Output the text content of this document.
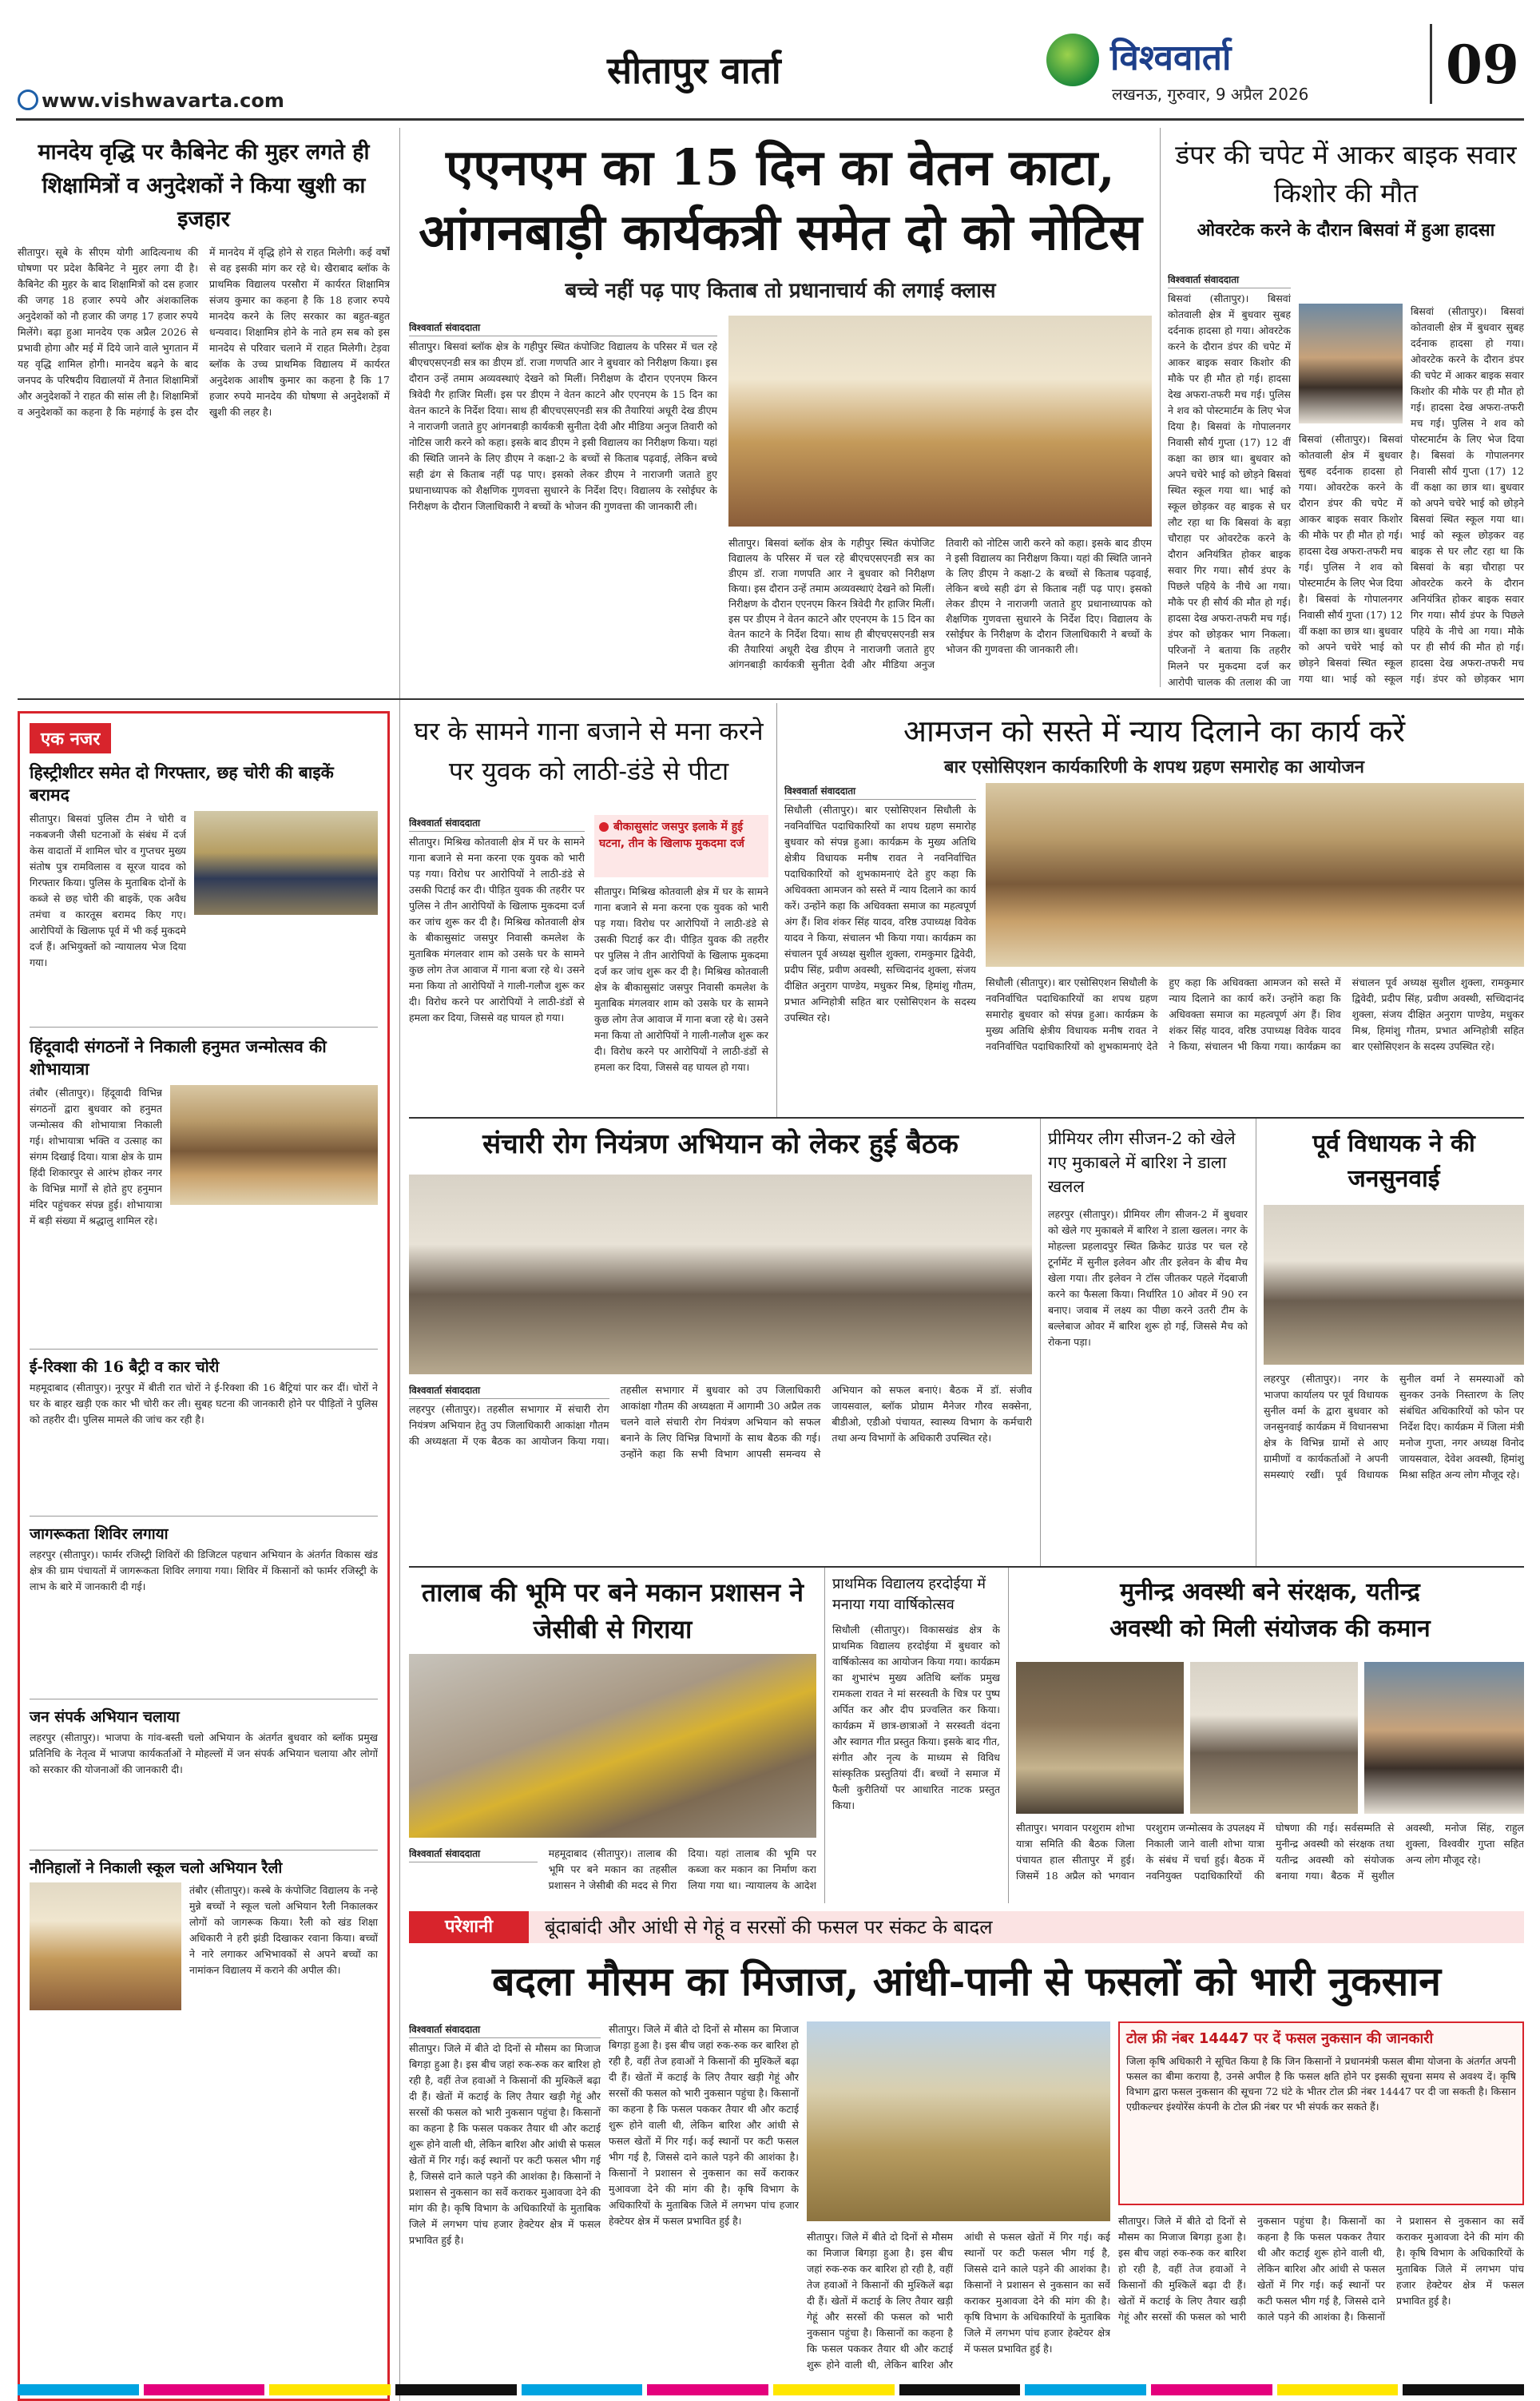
www.vishwavarta.com
सीतापुर वार्ता	विश्ववार्ता
लखनऊ, गुरुवार, 9 अप्रैल 2026	09
मानदेय वृद्धि पर कैबिनेट की मुहर लगते ही शिक्षामित्रों व अनुदेशकों ने किया खुशी का इजहार
सीतापुर। सूबे के सीएम योगी आदित्यनाथ की घोषणा पर प्रदेश कैबिनेट ने मुहर लगा दी है। कैबिनेट की मुहर के बाद शिक्षामित्रों को दस हजार की जगह 18 हजार रुपये और अंशकालिक अनुदेशकों को नौ हजार की जगह 17 हजार रुपये मिलेंगे। बढ़ा हुआ मानदेय एक अप्रैल 2026 से प्रभावी होगा और मई में दिये जाने वाले भुगतान में यह वृद्धि शामिल होगी। मानदेय बढ़ने के बाद जनपद के परिषदीय विद्यालयों में तैनात शिक्षामित्रों और अनुदेशकों ने राहत की सांस ली है। शिक्षामित्रों व अनुदेशकों का कहना है कि महंगाई के इस दौर में मानदेय में वृद्धि होने से राहत मिलेगी। कई वर्षों से वह इसकी मांग कर रहे थे। खैराबाद ब्लॉक के प्राथमिक विद्यालय परसौरा में कार्यरत शिक्षामित्र संजय कुमार का कहना है कि 18 हजार रुपये मानदेय करने के लिए सरकार का बहुत-बहुत धन्यवाद। शिक्षामित्र होने के नाते हम सब को इस मानदेय से परिवार चलाने में राहत मिलेगी। टेड़वा ब्लॉक के उच्च प्राथमिक विद्यालय में कार्यरत अनुदेशक आशीष कुमार का कहना है कि 17 हजार रुपये मानदेय की घोषणा से अनुदेशकों में खुशी की लहर है।
एएनएम का 15 दिन का वेतन काटा,
आंगनबाड़ी कार्यकत्री समेत दो को नोटिस
बच्चे नहीं पढ़ पाए किताब तो प्रधानाचार्य की लगाई क्लास
विश्ववार्ता संवाददाता
सीतापुर। बिसवां ब्लॉक क्षेत्र के गहीपुर स्थित कंपोजिट विद्यालय के परिसर में चल रहे बीएचएसएनडी सत्र का डीएम डॉ. राजा गणपति आर ने बुधवार को निरीक्षण किया। इस दौरान उन्हें तमाम अव्यवस्थाएं देखने को मिलीं। निरीक्षण के दौरान एएनएम किरन त्रिवेदी गैर हाजिर मिलीं। इस पर डीएम ने वेतन काटने और एएनएम के 15 दिन का वेतन काटने के निर्देश दिया। साथ ही बीएचएसएनडी सत्र की तैयारियां अधूरी देख डीएम ने नाराजगी जताते हुए आंगनबाड़ी कार्यकत्री सुनीता देवी और मीडिया अनुज तिवारी को नोटिस जारी करने को कहा। इसके बाद डीएम ने इसी विद्यालय का निरीक्षण किया। यहां की स्थिति जानने के लिए डीएम ने कक्षा-2 के बच्चों से किताब पढ़वाई, लेकिन बच्चे सही ढंग से किताब नहीं पढ़ पाए। इसको लेकर डीएम ने नाराजगी जताते हुए प्रधानाध्यापक को शैक्षणिक गुणवत्ता सुधारने के निर्देश दिए। विद्यालय के रसोईघर के निरीक्षण के दौरान जिलाधिकारी ने बच्चों के भोजन की गुणवत्ता की जानकारी ली।
सीतापुर। बिसवां ब्लॉक क्षेत्र के गहीपुर स्थित कंपोजिट विद्यालय के परिसर में चल रहे बीएचएसएनडी सत्र का डीएम डॉ. राजा गणपति आर ने बुधवार को निरीक्षण किया। इस दौरान उन्हें तमाम अव्यवस्थाएं देखने को मिलीं। निरीक्षण के दौरान एएनएम किरन त्रिवेदी गैर हाजिर मिलीं। इस पर डीएम ने वेतन काटने और एएनएम के 15 दिन का वेतन काटने के निर्देश दिया। साथ ही बीएचएसएनडी सत्र की तैयारियां अधूरी देख डीएम ने नाराजगी जताते हुए आंगनबाड़ी कार्यकत्री सुनीता देवी और मीडिया अनुज तिवारी को नोटिस जारी करने को कहा। इसके बाद डीएम ने इसी विद्यालय का निरीक्षण किया। यहां की स्थिति जानने के लिए डीएम ने कक्षा-2 के बच्चों से किताब पढ़वाई, लेकिन बच्चे सही ढंग से किताब नहीं पढ़ पाए। इसको लेकर डीएम ने नाराजगी जताते हुए प्रधानाध्यापक को शैक्षणिक गुणवत्ता सुधारने के निर्देश दिए। विद्यालय के रसोईघर के निरीक्षण के दौरान जिलाधिकारी ने बच्चों के भोजन की गुणवत्ता की जानकारी ली।
डंपर की चपेट में आकर बाइक सवार किशोर की मौत
ओवरटेक करने के दौरान बिसवां में हुआ हादसा
विश्ववार्ता संवाददाता
बिसवां (सीतापुर)। बिसवां कोतवाली क्षेत्र में बुधवार सुबह दर्दनाक हादसा हो गया। ओवरटेक करने के दौरान डंपर की चपेट में आकर बाइक सवार किशोर की मौके पर ही मौत हो गई। हादसा देख अफरा-तफरी मच गई। पुलिस ने शव को पोस्टमार्टम के लिए भेज दिया है। बिसवां के गोपालनगर निवासी सौर्य गुप्ता (17) 12 वीं कक्षा का छात्र था। बुधवार को अपने चचेरे भाई को छोड़ने बिसवां स्थित स्कूल गया था। भाई को स्कूल छोड़कर वह बाइक से घर लौट रहा था कि बिसवां के बड़ा चौराहा पर ओवरटेक करने के दौरान अनियंत्रित होकर बाइक सवार गिर गया। सौर्य डंपर के पिछले पहिये के नीचे आ गया। मौके पर ही सौर्य की मौत हो गई। हादसा देख अफरा-तफरी मच गई। डंपर को छोड़कर भाग निकला। परिजनों ने बताया कि तहरीर मिलने पर मुकदमा दर्ज कर आरोपी चालक की तलाश की जा
बिसवां (सीतापुर)। बिसवां कोतवाली क्षेत्र में बुधवार सुबह दर्दनाक हादसा हो गया। ओवरटेक करने के दौरान डंपर की चपेट में आकर बाइक सवार किशोर की मौके पर ही मौत हो गई। हादसा देख अफरा-तफरी मच गई। पुलिस ने शव को पोस्टमार्टम के लिए भेज दिया है। बिसवां के गोपालनगर निवासी सौर्य गुप्ता (17) 12 वीं कक्षा का छात्र था। बुधवार को अपने चचेरे भाई को छोड़ने बिसवां स्थित स्कूल गया था। भाई को स्कूल
बिसवां (सीतापुर)। बिसवां कोतवाली क्षेत्र में बुधवार सुबह दर्दनाक हादसा हो गया। ओवरटेक करने के दौरान डंपर की चपेट में आकर बाइक सवार किशोर की मौके पर ही मौत हो गई। हादसा देख अफरा-तफरी मच गई। पुलिस ने शव को पोस्टमार्टम के लिए भेज दिया है। बिसवां के गोपालनगर निवासी सौर्य गुप्ता (17) 12 वीं कक्षा का छात्र था। बुधवार को अपने चचेरे भाई को छोड़ने बिसवां स्थित स्कूल गया था। भाई को स्कूल छोड़कर वह बाइक से घर लौट रहा था कि बिसवां के बड़ा चौराहा पर ओवरटेक करने के दौरान अनियंत्रित होकर बाइक सवार गिर गया। सौर्य डंपर के पिछले पहिये के नीचे आ गया। मौके पर ही सौर्य की मौत हो गई। हादसा देख अफरा-तफरी मच गई। डंपर को छोड़कर भाग
एक नजर
हिस्ट्रीशीटर समेत दो गिरफ्तार, छह चोरी की बाइकें बरामद
सीतापुर। बिसवां पुलिस टीम ने चोरी व नकबजनी जैसी घटनाओं के संबंध में दर्ज केस वादातों में शामिल चोर व गुप्तचर मुख्य संतोष पुत्र रामविलास व सूरज यादव को गिरफ्तार किया। पुलिस के मुताबिक दोनों के कब्जे से छह चोरी की बाइकें, एक अवैध तमंचा व कारतूस बरामद किए गए। आरोपियों के खिलाफ पूर्व में भी कई मुकदमे दर्ज हैं। अभियुक्तों को न्यायालय भेज दिया गया।
हिंदूवादी संगठनों ने निकाली हनुमत जन्मोत्सव की शोभायात्रा
तंबौर (सीतापुर)। हिंदूवादी विभिन्न संगठनों द्वारा बुधवार को हनुमत जन्मोत्सव की शोभायात्रा निकाली गई। शोभायात्रा भक्ति व उत्साह का संगम दिखाई दिया। यात्रा क्षेत्र के ग्राम हिंदी शिकारपुर से आरंभ होकर नगर के विभिन्न मार्गों से होते हुए हनुमान मंदिर पहुंचकर संपन्न हुई। शोभायात्रा में बड़ी संख्या में श्रद्धालु शामिल रहे।
ई-रिक्शा की 16 बैट्री व कार चोरी
महमूदाबाद (सीतापुर)। नूरपुर में बीती रात चोरों ने ई-रिक्शा की 16 बैट्रियां पार कर दीं। चोरों ने घर के बाहर खड़ी एक कार भी चोरी कर ली। सुबह घटना की जानकारी होने पर पीड़ितों ने पुलिस को तहरीर दी। पुलिस मामले की जांच कर रही है।
जागरूकता शिविर लगाया
लहरपुर (सीतापुर)। फार्मर रजिस्ट्री शिविरों की डिजिटल पहचान अभियान के अंतर्गत विकास खंड क्षेत्र की ग्राम पंचायतों में जागरूकता शिविर लगाया गया। शिविर में किसानों को फार्मर रजिस्ट्री के लाभ के बारे में जानकारी दी गई।
जन संपर्क अभियान चलाया
लहरपुर (सीतापुर)। भाजपा के गांव-बस्ती चलो अभियान के अंतर्गत बुधवार को ब्लॉक प्रमुख प्रतिनिधि के नेतृत्व में भाजपा कार्यकर्ताओं ने मोहल्लों में जन संपर्क अभियान चलाया और लोगों को सरकार की योजनाओं की जानकारी दी।
नौनिहालों ने निकाली स्कूल चलो अभियान रैली
तंबौर (सीतापुर)। कस्बे के कंपोजिट विद्यालय के नन्हे मुन्ने बच्चों ने स्कूल चलो अभियान रैली निकालकर लोगों को जागरूक किया। रैली को खंड शिक्षा अधिकारी ने हरी झंडी दिखाकर रवाना किया। बच्चों ने नारे लगाकर अभिभावकों से अपने बच्चों का नामांकन विद्यालय में कराने की अपील की।
घर के सामने गाना बजाने से मना करने पर युवक को लाठी-डंडे से पीटा
विश्ववार्ता संवाददाता
सीतापुर। मिश्रिख कोतवाली क्षेत्र में घर के सामने गाना बजाने से मना करना एक युवक को भारी पड़ गया। विरोध पर आरोपियों ने लाठी-डंडे से उसकी पिटाई कर दी। पीड़ित युवक की तहरीर पर पुलिस ने तीन आरोपियों के खिलाफ मुकदमा दर्ज कर जांच शुरू कर दी है। मिश्रिख कोतवाली क्षेत्र के बीकासुसांट जसपुर निवासी कमलेश के मुताबिक मंगलवार शाम को उसके घर के सामने कुछ लोग तेज आवाज में गाना बजा रहे थे। उसने मना किया तो आरोपियों ने गाली-गलौज शुरू कर दी। विरोध करने पर आरोपियों ने लाठी-डंडों से हमला कर दिया, जिससे वह घायल हो गया।
बीकासुसांट जसपुर इलाके में हुई घटना, तीन के खिलाफ मुकदमा दर्ज
सीतापुर। मिश्रिख कोतवाली क्षेत्र में घर के सामने गाना बजाने से मना करना एक युवक को भारी पड़ गया। विरोध पर आरोपियों ने लाठी-डंडे से उसकी पिटाई कर दी। पीड़ित युवक की तहरीर पर पुलिस ने तीन आरोपियों के खिलाफ मुकदमा दर्ज कर जांच शुरू कर दी है। मिश्रिख कोतवाली क्षेत्र के बीकासुसांट जसपुर निवासी कमलेश के मुताबिक मंगलवार शाम को उसके घर के सामने कुछ लोग तेज आवाज में गाना बजा रहे थे। उसने मना किया तो आरोपियों ने गाली-गलौज शुरू कर दी। विरोध करने पर आरोपियों ने लाठी-डंडों से हमला कर दिया, जिससे वह घायल हो गया।
आमजन को सस्ते में न्याय दिलाने का कार्य करें
बार एसोसिएशन कार्यकारिणी के शपथ ग्रहण समारोह का आयोजन
विश्ववार्ता संवाददाता
सिधौली (सीतापुर)। बार एसोसिएशन सिधौली के नवनिर्वाचित पदाधिकारियों का शपथ ग्रहण समारोह बुधवार को संपन्न हुआ। कार्यक्रम के मुख्य अतिथि क्षेत्रीय विधायक मनीष रावत ने नवनिर्वाचित पदाधिकारियों को शुभकामनाएं देते हुए कहा कि अधिवक्ता आमजन को सस्ते में न्याय दिलाने का कार्य करें। उन्होंने कहा कि अधिवक्ता समाज का महत्वपूर्ण अंग हैं। शिव शंकर सिंह यादव, वरिष्ठ उपाध्यक्ष विवेक यादव ने किया, संचालन भी किया गया। कार्यक्रम का संचालन पूर्व अध्यक्ष सुशील शुक्ला, रामकुमार द्विवेदी, प्रदीप सिंह, प्रवीण अवस्थी, सच्चिदानंद शुक्ला, संजय दीक्षित अनुराग पाण्डेय, मधुकर मिश्र, हिमांशु गौतम, प्रभात अग्निहोत्री सहित बार एसोसिएशन के सदस्य उपस्थित रहे।
सिधौली (सीतापुर)। बार एसोसिएशन सिधौली के नवनिर्वाचित पदाधिकारियों का शपथ ग्रहण समारोह बुधवार को संपन्न हुआ। कार्यक्रम के मुख्य अतिथि क्षेत्रीय विधायक मनीष रावत ने नवनिर्वाचित पदाधिकारियों को शुभकामनाएं देते हुए कहा कि अधिवक्ता आमजन को सस्ते में न्याय दिलाने का कार्य करें। उन्होंने कहा कि अधिवक्ता समाज का महत्वपूर्ण अंग हैं। शिव शंकर सिंह यादव, वरिष्ठ उपाध्यक्ष विवेक यादव ने किया, संचालन भी किया गया। कार्यक्रम का संचालन पूर्व अध्यक्ष सुशील शुक्ला, रामकुमार द्विवेदी, प्रदीप सिंह, प्रवीण अवस्थी, सच्चिदानंद शुक्ला, संजय दीक्षित अनुराग पाण्डेय, मधुकर मिश्र, हिमांशु गौतम, प्रभात अग्निहोत्री सहित बार एसोसिएशन के सदस्य उपस्थित रहे।
संचारी रोग नियंत्रण अभियान को लेकर हुई बैठक
विश्ववार्ता संवाददाता
लहरपुर (सीतापुर)। तहसील सभागार में संचारी रोग नियंत्रण अभियान हेतु उप जिलाधिकारी आकांक्षा गौतम की अध्यक्षता में एक बैठक का आयोजन किया गया। तहसील सभागार में बुधवार को उप जिलाधिकारी आकांक्षा गौतम की अध्यक्षता में आगामी 30 अप्रैल तक चलने वाले संचारी रोग नियंत्रण अभियान को सफल बनाने के लिए विभिन्न विभागों के साथ बैठक की गई। उन्होंने कहा कि सभी विभाग आपसी समन्वय से अभियान को सफल बनाएं। बैठक में डॉ. संजीव जायसवाल, ब्लॉक प्रोग्राम मैनेजर गौरव सक्सेना, बीडीओ, एडीओ पंचायत, स्वास्थ्य विभाग के कर्मचारी तथा अन्य विभागों के अधिकारी उपस्थित रहे।
प्रीमियर लीग सीजन-2 को खेले गए मुकाबले में बारिश ने डाला खलल
लहरपुर (सीतापुर)। प्रीमियर लीग सीजन-2 में बुधवार को खेले गए मुकाबले में बारिश ने डाला खलल। नगर के मोहल्ला प्रहलादपुर स्थित क्रिकेट ग्राउंड पर चल रहे टूर्नामेंट में सुनील इलेवन और तीर इलेवन के बीच मैच खेला गया। तीर इलेवन ने टॉस जीतकर पहले गेंदबाजी करने का फैसला किया। निर्धारित 10 ओवर में 90 रन बनाए। जवाब में लक्ष्य का पीछा करने उतरी टीम के बल्लेबाज ओवर में बारिश शुरू हो गई, जिससे मैच को रोकना पड़ा।
पूर्व विधायक ने की जनसुनवाई
लहरपुर (सीतापुर)। नगर के भाजपा कार्यालय पर पूर्व विधायक सुनील वर्मा के द्वारा बुधवार को जनसुनवाई कार्यक्रम में विधानसभा क्षेत्र के विभिन्न ग्रामों से आए ग्रामीणों व कार्यकर्ताओं ने अपनी समस्याएं रखीं। पूर्व विधायक सुनील वर्मा ने समस्याओं को सुनकर उनके निस्तारण के लिए संबंधित अधिकारियों को फोन पर निर्देश दिए। कार्यक्रम में जिला मंत्री मनोज गुप्ता, नगर अध्यक्ष विनोद जायसवाल, देवेश अवस्थी, हिमांशु मिश्रा सहित अन्य लोग मौजूद रहे।
तालाब की भूमि पर बने मकान प्रशासन ने जेसीबी से गिराया
विश्ववार्ता संवाददाता	महमूदाबाद (सीतापुर)। तालाब की भूमि पर बने मकान का तहसील प्रशासन ने जेसीबी की मदद से गिरा दिया। यहां तालाब की भूमि पर कब्जा कर मकान का निर्माण करा लिया गया था। न्यायालय के आदेश
प्राथमिक विद्यालय हरदोईया में मनाया गया वार्षिकोत्सव
सिधौली (सीतापुर)। विकासखंड क्षेत्र के प्राथमिक विद्यालय हरदोईया में बुधवार को वार्षिकोत्सव का आयोजन किया गया। कार्यक्रम का शुभारंभ मुख्य अतिथि ब्लॉक प्रमुख रामकला रावत ने मां सरस्वती के चित्र पर पुष्प अर्पित कर और दीप प्रज्वलित कर किया। कार्यक्रम में छात्र-छात्राओं ने सरस्वती वंदना और स्वागत गीत प्रस्तुत किया। इसके बाद गीत, संगीत और नृत्य के माध्यम से विविध सांस्कृतिक प्रस्तुतियां दीं। बच्चों ने समाज में फैली कुरीतियों पर आधारित नाटक प्रस्तुत किया।
मुनीन्द्र अवस्थी बने संरक्षक, यतीन्द्र
अवस्थी को मिली संयोजक की कमान
सीतापुर। भगवान परशुराम शोभा यात्रा समिति की बैठक जिला पंचायत हाल सीतापुर में हुई। जिसमें 18 अप्रैल को भगवान परशुराम जन्मोत्सव के उपलक्ष्य में निकाली जाने वाली शोभा यात्रा के संबंध में चर्चा हुई। बैठक में नवनियुक्त पदाधिकारियों की घोषणा की गई। सर्वसम्मति से मुनीन्द्र अवस्थी को संरक्षक तथा यतीन्द्र अवस्थी को संयोजक बनाया गया। बैठक में सुशील अवस्थी, मनोज सिंह, राहुल शुक्ला, विश्ववीर गुप्ता सहित अन्य लोग मौजूद रहे।
परेशानी	बूंदाबांदी और आंधी से गेहूं व सरसों की फसल पर संकट के बादल
बदला मौसम का मिजाज, आंधी-पानी से फसलों को भारी नुकसान
विश्ववार्ता संवाददाता
सीतापुर। जिले में बीते दो दिनों से मौसम का मिजाज बिगड़ा हुआ है। इस बीच जहां रुक-रुक कर बारिश हो रही है, वहीं तेज हवाओं ने किसानों की मुश्किलें बढ़ा दी हैं। खेतों में कटाई के लिए तैयार खड़ी गेहूं और सरसों की फसल को भारी नुकसान पहुंचा है। किसानों का कहना है कि फसल पककर तैयार थी और कटाई शुरू होने वाली थी, लेकिन बारिश और आंधी से फसल खेतों में गिर गई। कई स्थानों पर कटी फसल भीग गई है, जिससे दाने काले पड़ने की आशंका है। किसानों ने प्रशासन से नुकसान का सर्वे कराकर मुआवजा देने की मांग की है। कृषि विभाग के अधिकारियों के मुताबिक जिले में लगभग पांच हजार हेक्टेयर क्षेत्र में फसल प्रभावित हुई है।
सीतापुर। जिले में बीते दो दिनों से मौसम का मिजाज बिगड़ा हुआ है। इस बीच जहां रुक-रुक कर बारिश हो रही है, वहीं तेज हवाओं ने किसानों की मुश्किलें बढ़ा दी हैं। खेतों में कटाई के लिए तैयार खड़ी गेहूं और सरसों की फसल को भारी नुकसान पहुंचा है। किसानों का कहना है कि फसल पककर तैयार थी और कटाई शुरू होने वाली थी, लेकिन बारिश और आंधी से फसल खेतों में गिर गई। कई स्थानों पर कटी फसल भीग गई है, जिससे दाने काले पड़ने की आशंका है। किसानों ने प्रशासन से नुकसान का सर्वे कराकर मुआवजा देने की मांग की है। कृषि विभाग के अधिकारियों के मुताबिक जिले में लगभग पांच हजार हेक्टेयर क्षेत्र में फसल प्रभावित हुई है।
सीतापुर। जिले में बीते दो दिनों से मौसम का मिजाज बिगड़ा हुआ है। इस बीच जहां रुक-रुक कर बारिश हो रही है, वहीं तेज हवाओं ने किसानों की मुश्किलें बढ़ा दी हैं। खेतों में कटाई के लिए तैयार खड़ी गेहूं और सरसों की फसल को भारी नुकसान पहुंचा है। किसानों का कहना है कि फसल पककर तैयार थी और कटाई शुरू होने वाली थी, लेकिन बारिश और आंधी से फसल खेतों में गिर गई। कई स्थानों पर कटी फसल भीग गई है, जिससे दाने काले पड़ने की आशंका है। किसानों ने प्रशासन से नुकसान का सर्वे कराकर मुआवजा देने की मांग की है। कृषि विभाग के अधिकारियों के मुताबिक जिले में लगभग पांच हजार हेक्टेयर क्षेत्र में फसल प्रभावित हुई है।
टोल फ्री नंबर 14447 पर दें फसल नुकसान की जानकारी
जिला कृषि अधिकारी ने सूचित किया है कि जिन किसानों ने प्रधानमंत्री फसल बीमा योजना के अंतर्गत अपनी फसल का बीमा कराया है, उनसे अपील है कि फसल क्षति होने पर इसकी सूचना समय से अवश्य दें। कृषि विभाग द्वारा फसल नुकसान की सूचना 72 घंटे के भीतर टोल फ्री नंबर 14447 पर दी जा सकती है। किसान एग्रीकल्चर इंश्योरेंस कंपनी के टोल फ्री नंबर पर भी संपर्क कर सकते हैं।
सीतापुर। जिले में बीते दो दिनों से मौसम का मिजाज बिगड़ा हुआ है। इस बीच जहां रुक-रुक कर बारिश हो रही है, वहीं तेज हवाओं ने किसानों की मुश्किलें बढ़ा दी हैं। खेतों में कटाई के लिए तैयार खड़ी गेहूं और सरसों की फसल को भारी नुकसान पहुंचा है। किसानों का कहना है कि फसल पककर तैयार थी और कटाई शुरू होने वाली थी, लेकिन बारिश और आंधी से फसल खेतों में गिर गई। कई स्थानों पर कटी फसल भीग गई है, जिससे दाने काले पड़ने की आशंका है। किसानों ने प्रशासन से नुकसान का सर्वे कराकर मुआवजा देने की मांग की है। कृषि विभाग के अधिकारियों के मुताबिक जिले में लगभग पांच हजार हेक्टेयर क्षेत्र में फसल प्रभावित हुई है।
